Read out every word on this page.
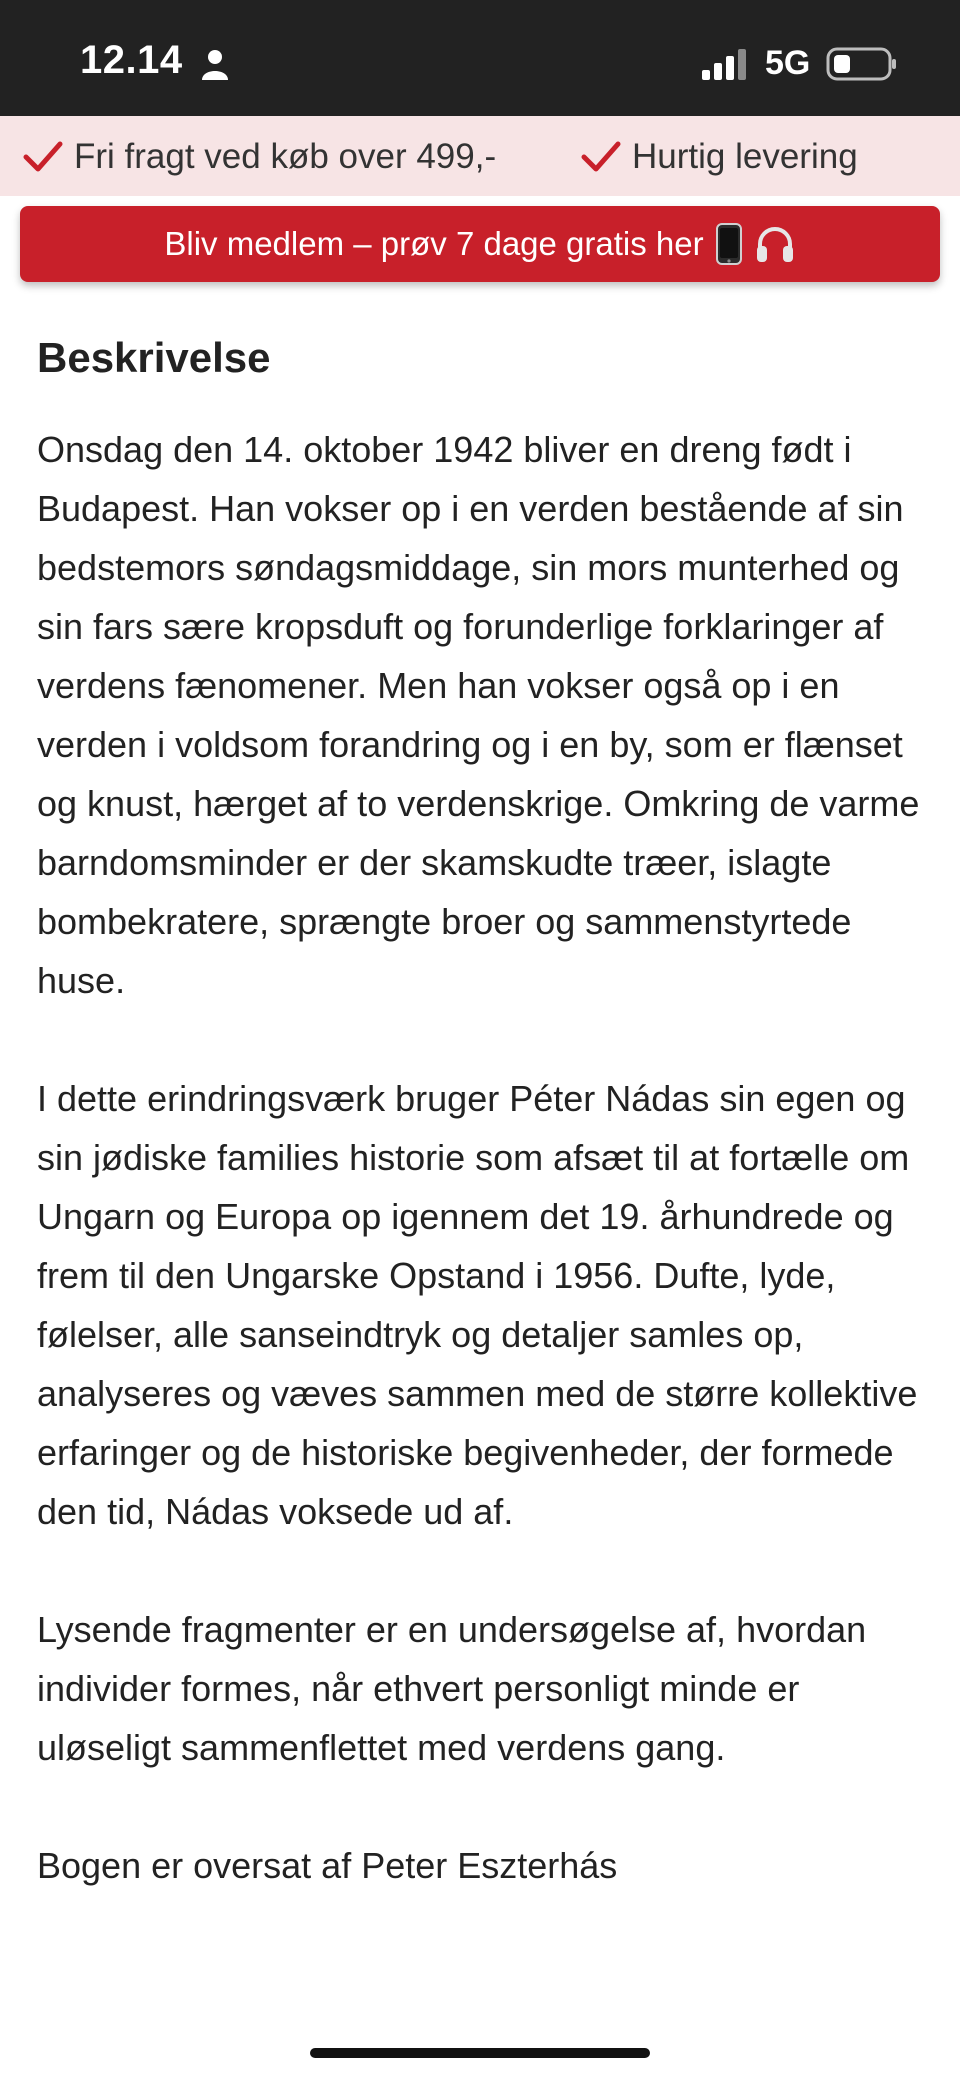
12.14	5G
Fri fragt ved køb over 499,-	Hurtig levering
Bliv medlem – prøv 7 dage gratis her
Beskrivelse

Onsdag den 14. oktober 1942 bliver en dreng født i Budapest. Han vokser op i en verden bestående af sin bedstemors søndagsmiddage, sin mors munterhed og sin fars sære kropsduft og forunderlige forklaringer af verdens fænomener. Men han vokser også op i en verden i voldsom forandring og i en by, som er flænset og knust, hærget af to verdenskrige. Omkring de varme barndomsminder er der skamskudte træer, islagte bombekratere, sprængte broer og sammenstyrtede huse.

I dette erindringsværk bruger Péter Nádas sin egen og sin jødiske families historie som afsæt til at fortælle om Ungarn og Europa op igennem det 19. århundrede og frem til den Ungarske Opstand i 1956. Dufte, lyde, følelser, alle sanseindtryk og detaljer samles op, analyseres og væves sammen med de større kollektive erfaringer og de historiske begivenheder, der formede den tid, Nádas voksede ud af.

Lysende fragmenter er en undersøgelse af, hvordan individer formes, når ethvert personligt minde er uløseligt sammenflettet med verdens gang.

Bogen er oversat af Peter Eszterhás
